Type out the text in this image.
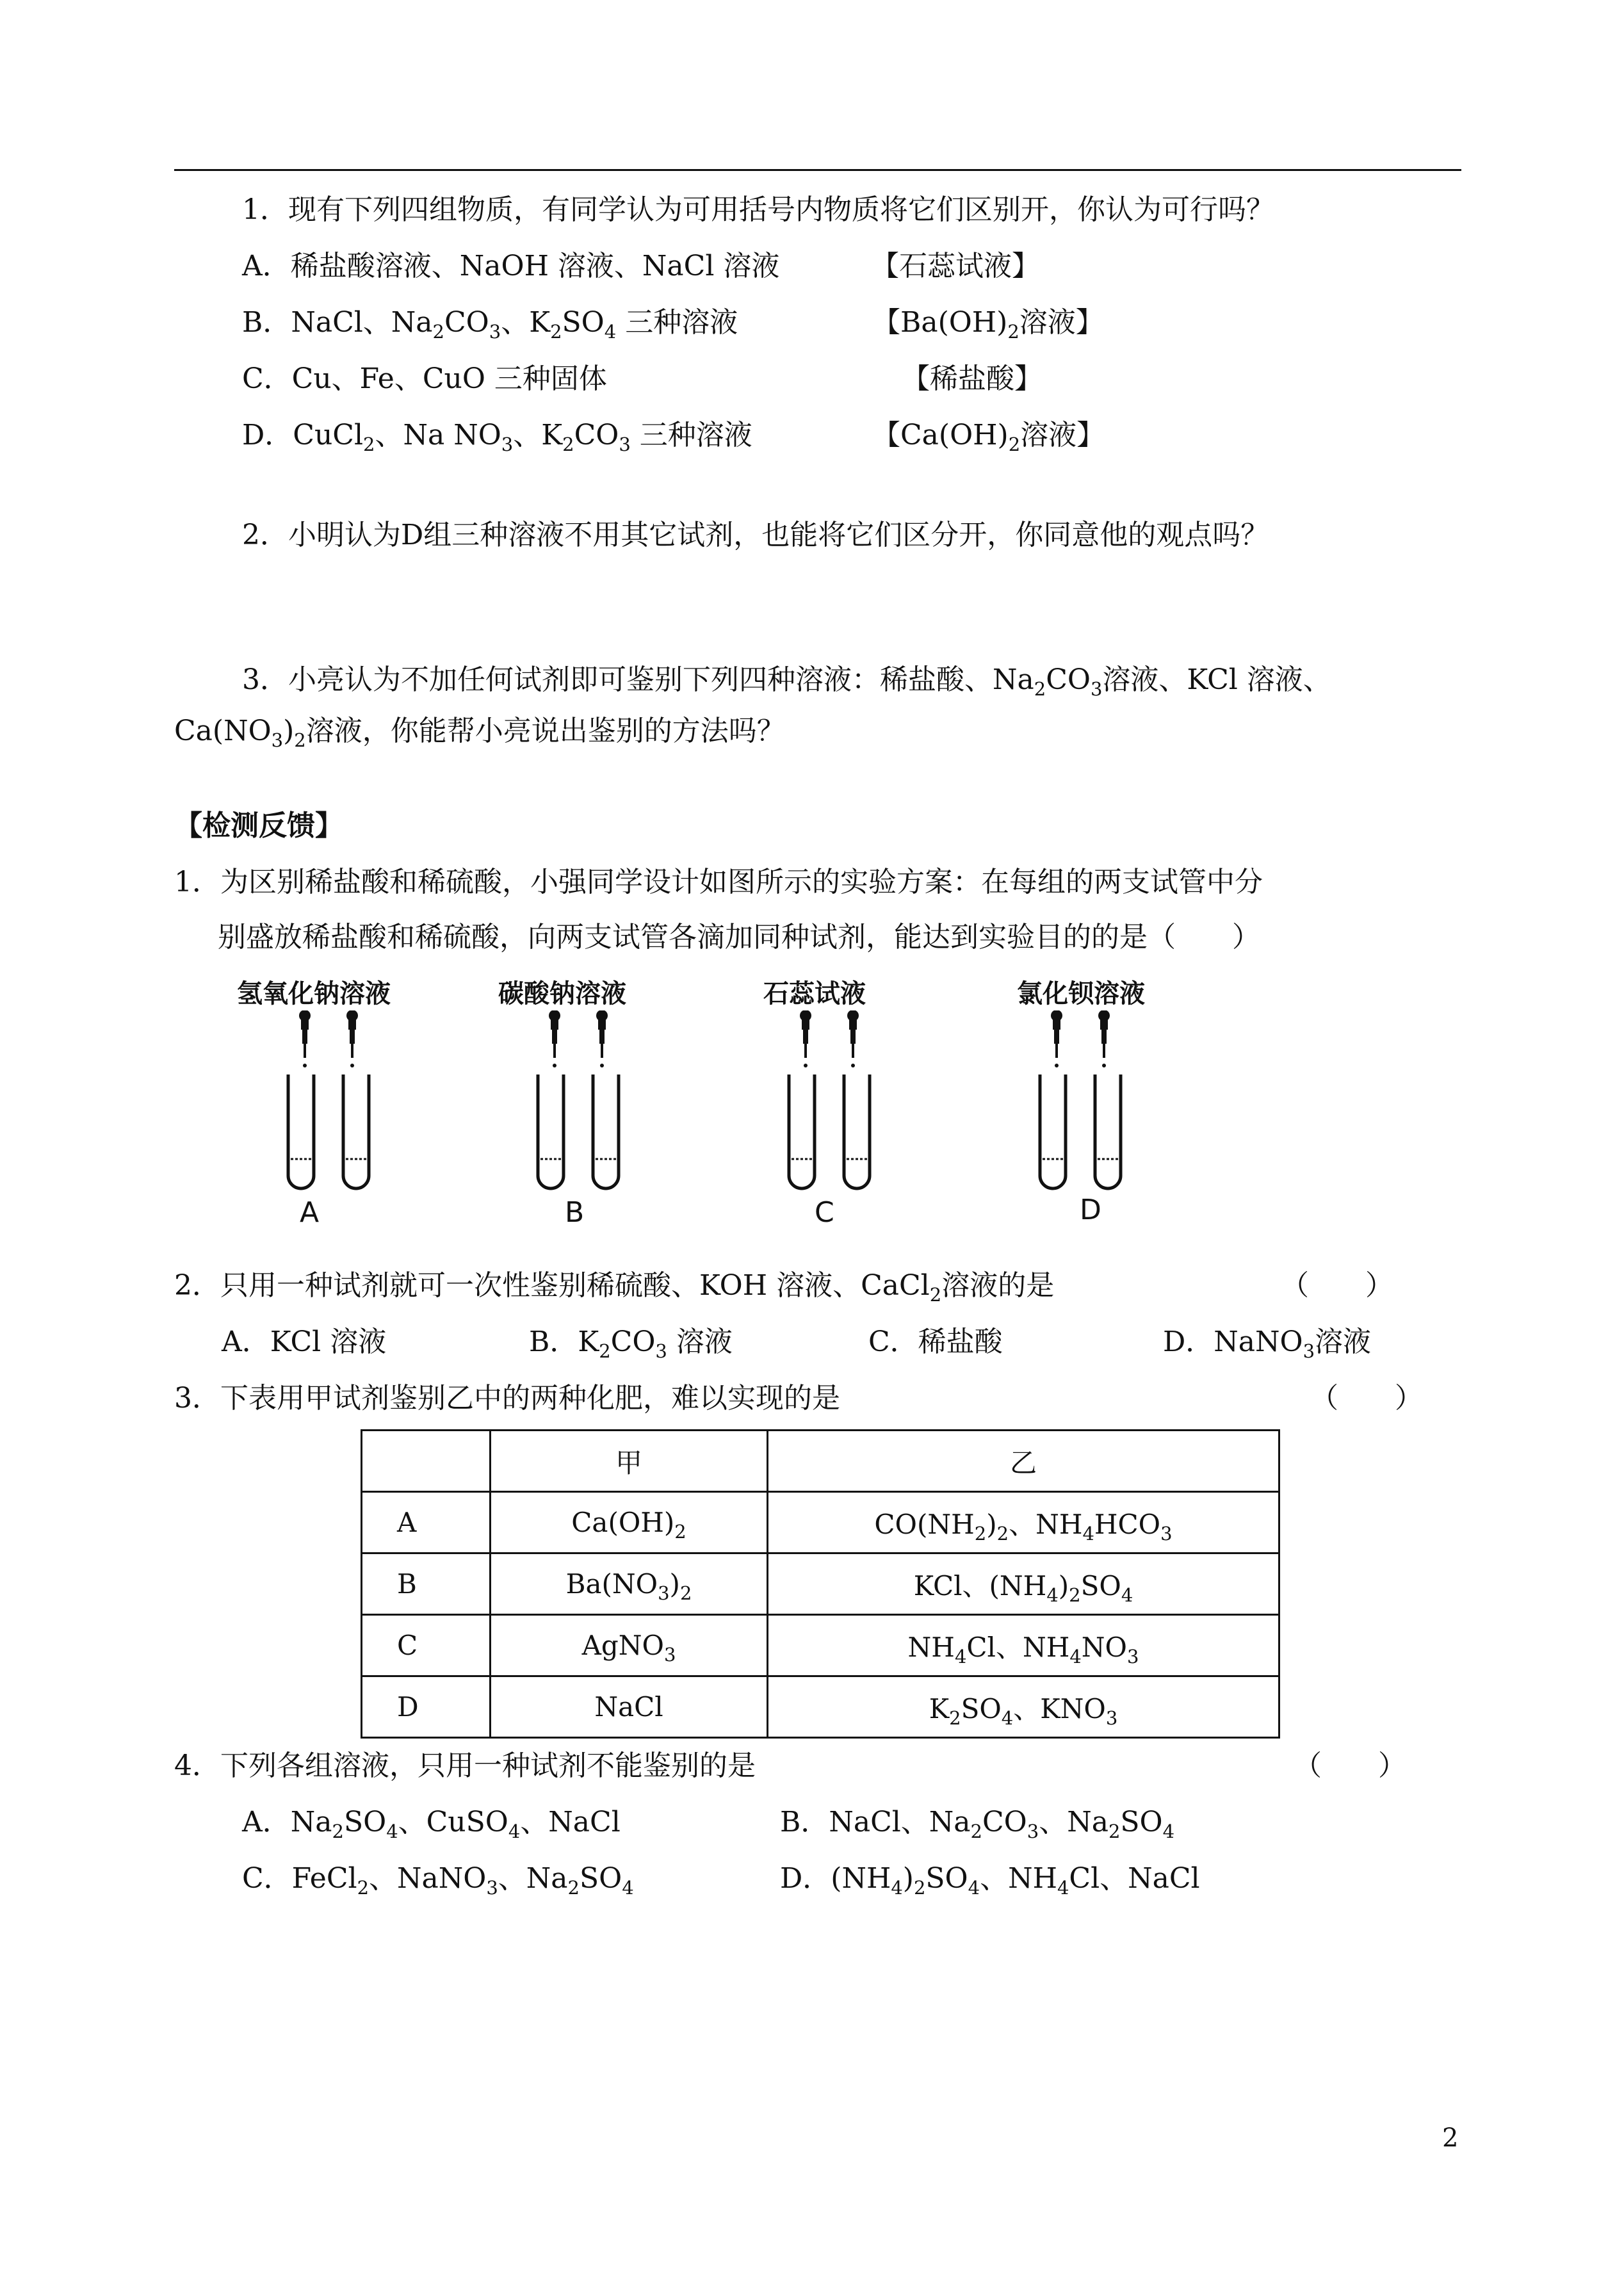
1．现有下列四组物质，有同学认为可用括号内物质将它们区别开，你认为可行吗？
A．稀盐酸溶液、NaOH 溶液、NaCl 溶液	【石蕊试液】
B．NaCl、$Na_2CO_3$、$K_2SO_4$ 三种溶液	【$Ba(OH)_2$溶液】
C．Cu、Fe、CuO 三种固体	【稀盐酸】
D．CuCl$_2$、Na $NO_3$、$K_2CO_3$ 三种溶液	【$Ca(OH)_2$溶液】
2．小明认为D组三种溶液不用其它试剂，也能将它们区分开，你同意他的观点吗？
3．小亮认为不加任何试剂即可鉴别下列四种溶液：稀盐酸、$Na_2CO_3$溶液、KCl 溶液、
$Ca(NO_3)_2$溶液，你能帮小亮说出鉴别的方法吗？
【检测反馈】
1．为区别稀盐酸和稀硫酸，小强同学设计如图所示的实验方案：在每组的两支试管中分
别盛放稀盐酸和稀硫酸，向两支试管各滴加同种试剂，能达到实验目的的是（　　）
氢氧化钠溶液	碳酸钠溶液	石蕊试液	氯化钡溶液
A	B	C	D
2．只用一种试剂就可一次性鉴别稀硫酸、KOH 溶液、CaCl$_2$溶液的是	（　　）
A．KCl 溶液	B．$K_2CO_3$ 溶液	C．稀盐酸	D．NaNO$_3$溶液
3．下表用甲试剂鉴别乙中的两种化肥，难以实现的是	（　　）
	甲	乙
A	$Ca(OH)_2$	$CO(NH_2)_2$、$NH_4HCO_3$
B	$Ba(NO_3)_2$	KCl、$(NH_4)_2SO_4$
C	AgNO$_3$	$NH_4Cl$、$NH_4NO_3$
D	NaCl	$K_2SO_4$、$KNO_3$
4．下列各组溶液，只用一种试剂不能鉴别的是	（　　）
A．$Na_2SO_4$、CuSO$_4$、NaCl	B．NaCl、$Na_2CO_3$、$Na_2SO_4$
C．FeCl$_2$、NaNO$_3$、$Na_2SO_4$	D．$(NH_4)_2SO_4$、$NH_4Cl$、NaCl
2
